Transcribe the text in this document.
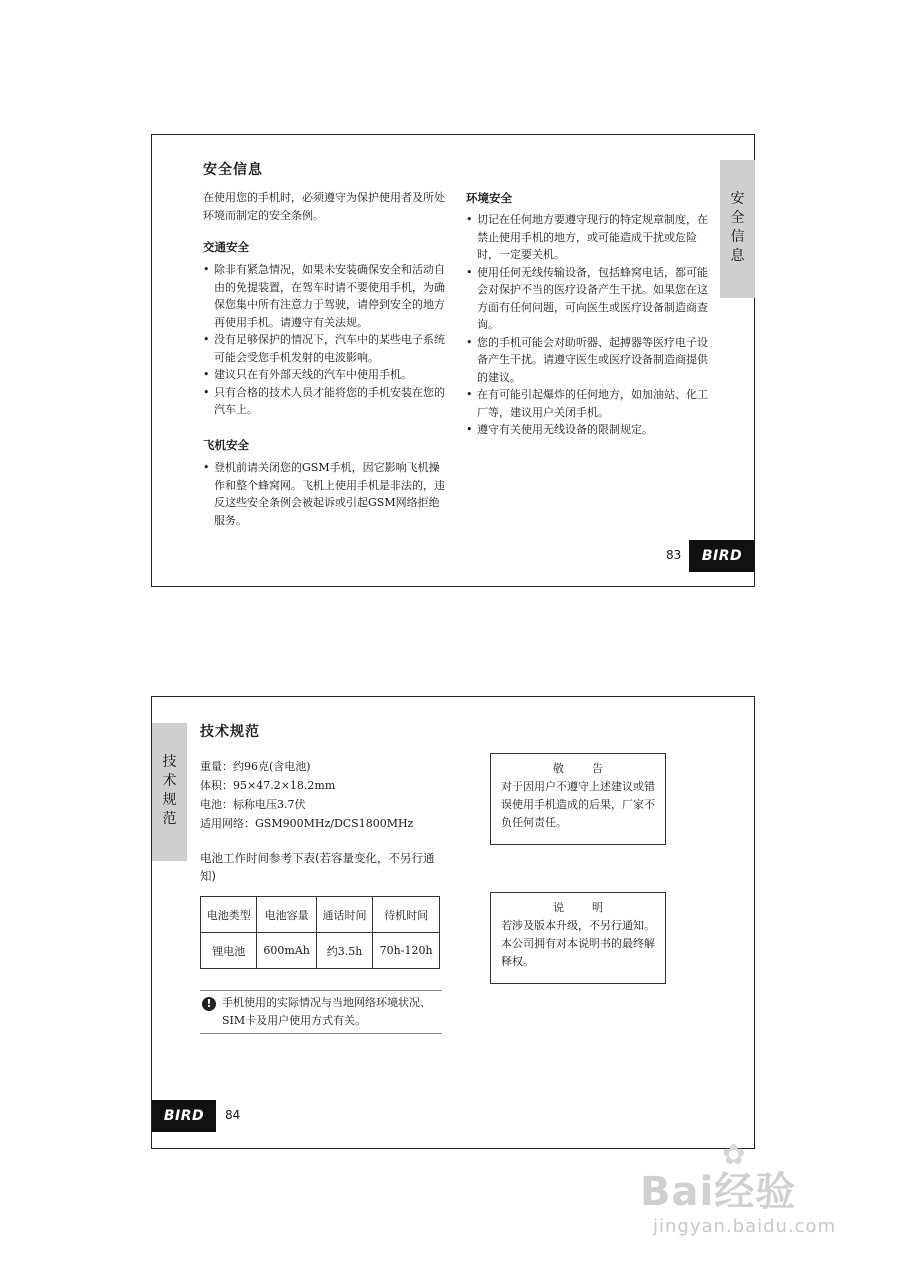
安全信息
在使用您的手机时，必须遵守为保护使用者及所处环境而制定的安全条例。
交通安全
• 除非有紧急情况，如果未安装确保安全和活动自由的免提装置，在驾车时请不要使用手机，为确保您集中所有注意力于驾驶，请停到安全的地方再使用手机。请遵守有关法规。
• 没有足够保护的情况下，汽车中的某些电子系统可能会受您手机发射的电波影响。
• 建议只在有外部天线的汽车中使用手机。
• 只有合格的技术人员才能将您的手机安装在您的汽车上。
飞机安全
• 登机前请关闭您的GSM手机，因它影响飞机操作和整个蜂窝网。飞机上使用手机是非法的，违反这些安全条例会被起诉或引起GSM网络拒绝服务。
环境安全
• 切记在任何地方要遵守现行的特定规章制度，在禁止使用手机的地方，或可能造成干扰或危险时，一定要关机。
• 使用任何无线传输设备，包括蜂窝电话，都可能会对保护不当的医疗设备产生干扰。如果您在这方面有任何问题，可向医生或医疗设备制造商查询。
• 您的手机可能会对助听器、起搏器等医疗电子设备产生干扰。请遵守医生或医疗设备制造商提供的建议。
• 在有可能引起爆炸的任何地方，如加油站、化工厂等，建议用户关闭手机。
• 遵守有关使用无线设备的限制规定。
安
全
信
息
83	BIRD
技
术
规
范
技术规范
重量：约96克(含电池)
体积：95×47.2×18.2mm
电池：标称电压3.7伏
适用网络：GSM900MHz/DCS1800MHz
电池工作时间参考下表(若容量变化，不另行通知)
电池类型	电池容量	通话时间	待机时间
锂电池	600mAh	约3.5h	70h-120h
! 手机使用的实际情况与当地网络环境状况、SIM卡及用户使用方式有关。
敬告
对于因用户不遵守上述建议或错误使用手机造成的后果，厂家不负任何责任。
说明
若涉及版本升级，不另行通知。本公司拥有对本说明书的最终解释权。
BIRD	84
✿
Bai经验
jingyan.baidu.com
